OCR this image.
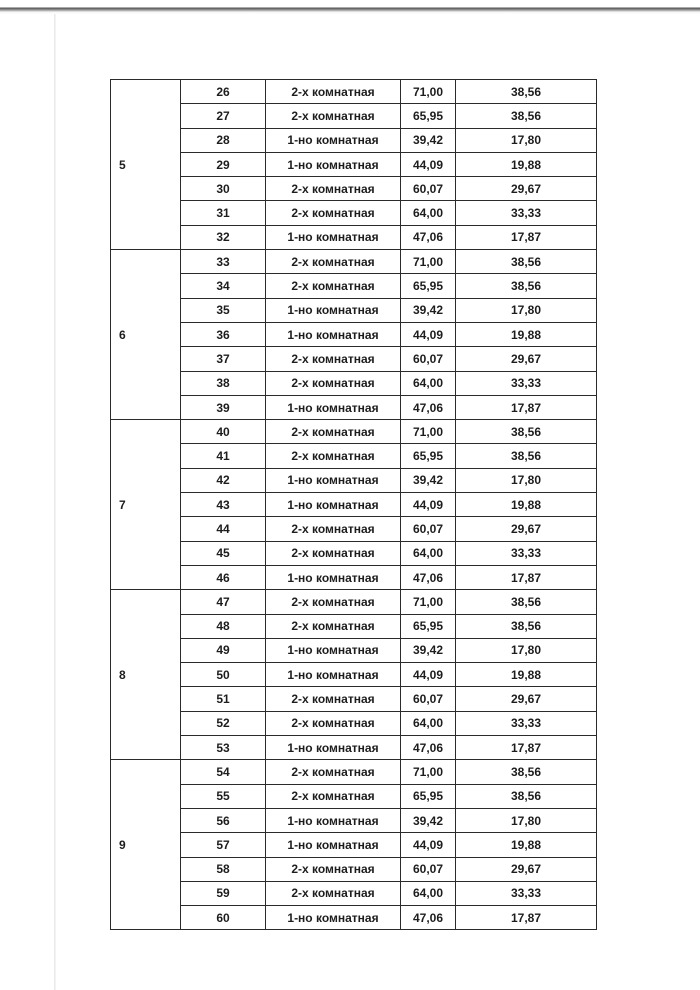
5	26	2-х комнатная	71,00	38,56
	27	2-х комнатная	65,95	38,56
	28	1-но комнатная	39,42	17,80
	29	1-но комнатная	44,09	19,88
	30	2-х комнатная	60,07	29,67
	31	2-х комнатная	64,00	33,33
	32	1-но комнатная	47,06	17,87
6	33	2-х комнатная	71,00	38,56
	34	2-х комнатная	65,95	38,56
	35	1-но комнатная	39,42	17,80
	36	1-но комнатная	44,09	19,88
	37	2-х комнатная	60,07	29,67
	38	2-х комнатная	64,00	33,33
	39	1-но комнатная	47,06	17,87
7	40	2-х комнатная	71,00	38,56
	41	2-х комнатная	65,95	38,56
	42	1-но комнатная	39,42	17,80
	43	1-но комнатная	44,09	19,88
	44	2-х комнатная	60,07	29,67
	45	2-х комнатная	64,00	33,33
	46	1-но комнатная	47,06	17,87
8	47	2-х комнатная	71,00	38,56
	48	2-х комнатная	65,95	38,56
	49	1-но комнатная	39,42	17,80
	50	1-но комнатная	44,09	19,88
	51	2-х комнатная	60,07	29,67
	52	2-х комнатная	64,00	33,33
	53	1-но комнатная	47,06	17,87
9	54	2-х комнатная	71,00	38,56
	55	2-х комнатная	65,95	38,56
	56	1-но комнатная	39,42	17,80
	57	1-но комнатная	44,09	19,88
	58	2-х комнатная	60,07	29,67
	59	2-х комнатная	64,00	33,33
	60	1-но комнатная	47,06	17,87
